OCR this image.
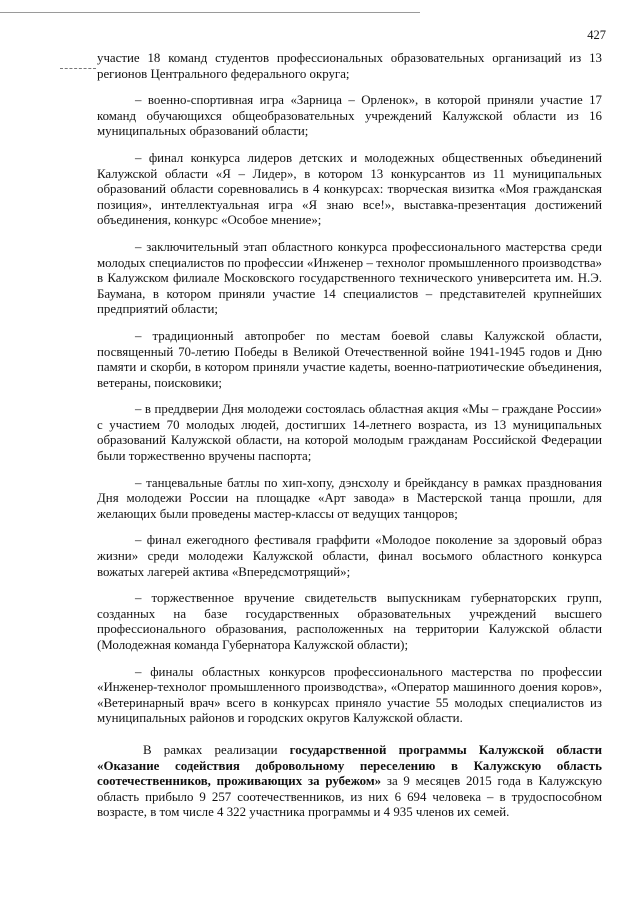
427

участие 18 команд студентов профессиональных образовательных организаций из 13 регионов Центрального федерального округа;

– военно-спортивная игра «Зарница – Орленок», в которой приняли участие 17 команд обучающихся общеобразовательных учреждений Калужской области из 16 муниципальных образований области;

– финал конкурса лидеров детских и молодежных общественных объединений Калужской области «Я – Лидер», в котором 13 конкурсантов из 11 муниципальных образований области соревновались в 4 конкурсах: творческая визитка «Моя гражданская позиция», интеллектуальная игра «Я знаю все!», выставка-презентация достижений объединения, конкурс «Особое мнение»;

– заключительный этап областного конкурса профессионального мастерства среди молодых специалистов по профессии «Инженер – технолог промышленного производства» в Калужском филиале Московского государственного технического университета им. Н.Э. Баумана, в котором приняли участие 14 специалистов – представителей крупнейших предприятий области;

– традиционный автопробег по местам боевой славы Калужской области, посвященный 70-летию Победы в Великой Отечественной войне 1941-1945 годов и Дню памяти и скорби, в котором приняли участие кадеты, военно-патриотические объединения, ветераны, поисковики;

– в преддверии Дня молодежи состоялась областная акция «Мы – граждане России» с участием 70 молодых людей, достигших 14-летнего возраста, из 13 муниципальных образований Калужской области, на которой молодым гражданам Российской Федерации были торжественно вручены паспорта;

– танцевальные батлы по хип-хопу, дэнсхолу и брейкдансу в рамках празднования Дня молодежи России на площадке «Арт завода» в Мастерской танца прошли, для желающих были проведены мастер-классы от ведущих танцоров;

– финал ежегодного фестиваля граффити «Молодое поколение за здоровый образ жизни» среди молодежи Калужской области, финал восьмого областного конкурса вожатых лагерей актива «Впередсмотрящий»;

– торжественное вручение свидетельств выпускникам губернаторских групп, созданных на базе государственных образовательных учреждений высшего профессионального образования, расположенных на территории Калужской области (Молодежная команда Губернатора Калужской области);

– финалы областных конкурсов профессионального мастерства по профессии «Инженер-технолог промышленного производства», «Оператор машинного доения коров», «Ветеринарный врач» всего в конкурсах приняло участие 55 молодых специалистов из муниципальных районов и городских округов Калужской области.

В рамках реализации государственной программы Калужской области «Оказание содействия добровольному переселению в Калужскую область соотечественников, проживающих за рубежом» за 9 месяцев 2015 года в Калужскую область прибыло 9 257 соотечественников, из них 6 694 человека – в трудоспособном возрасте, в том числе 4 322 участника программы и 4 935 членов их семей.
